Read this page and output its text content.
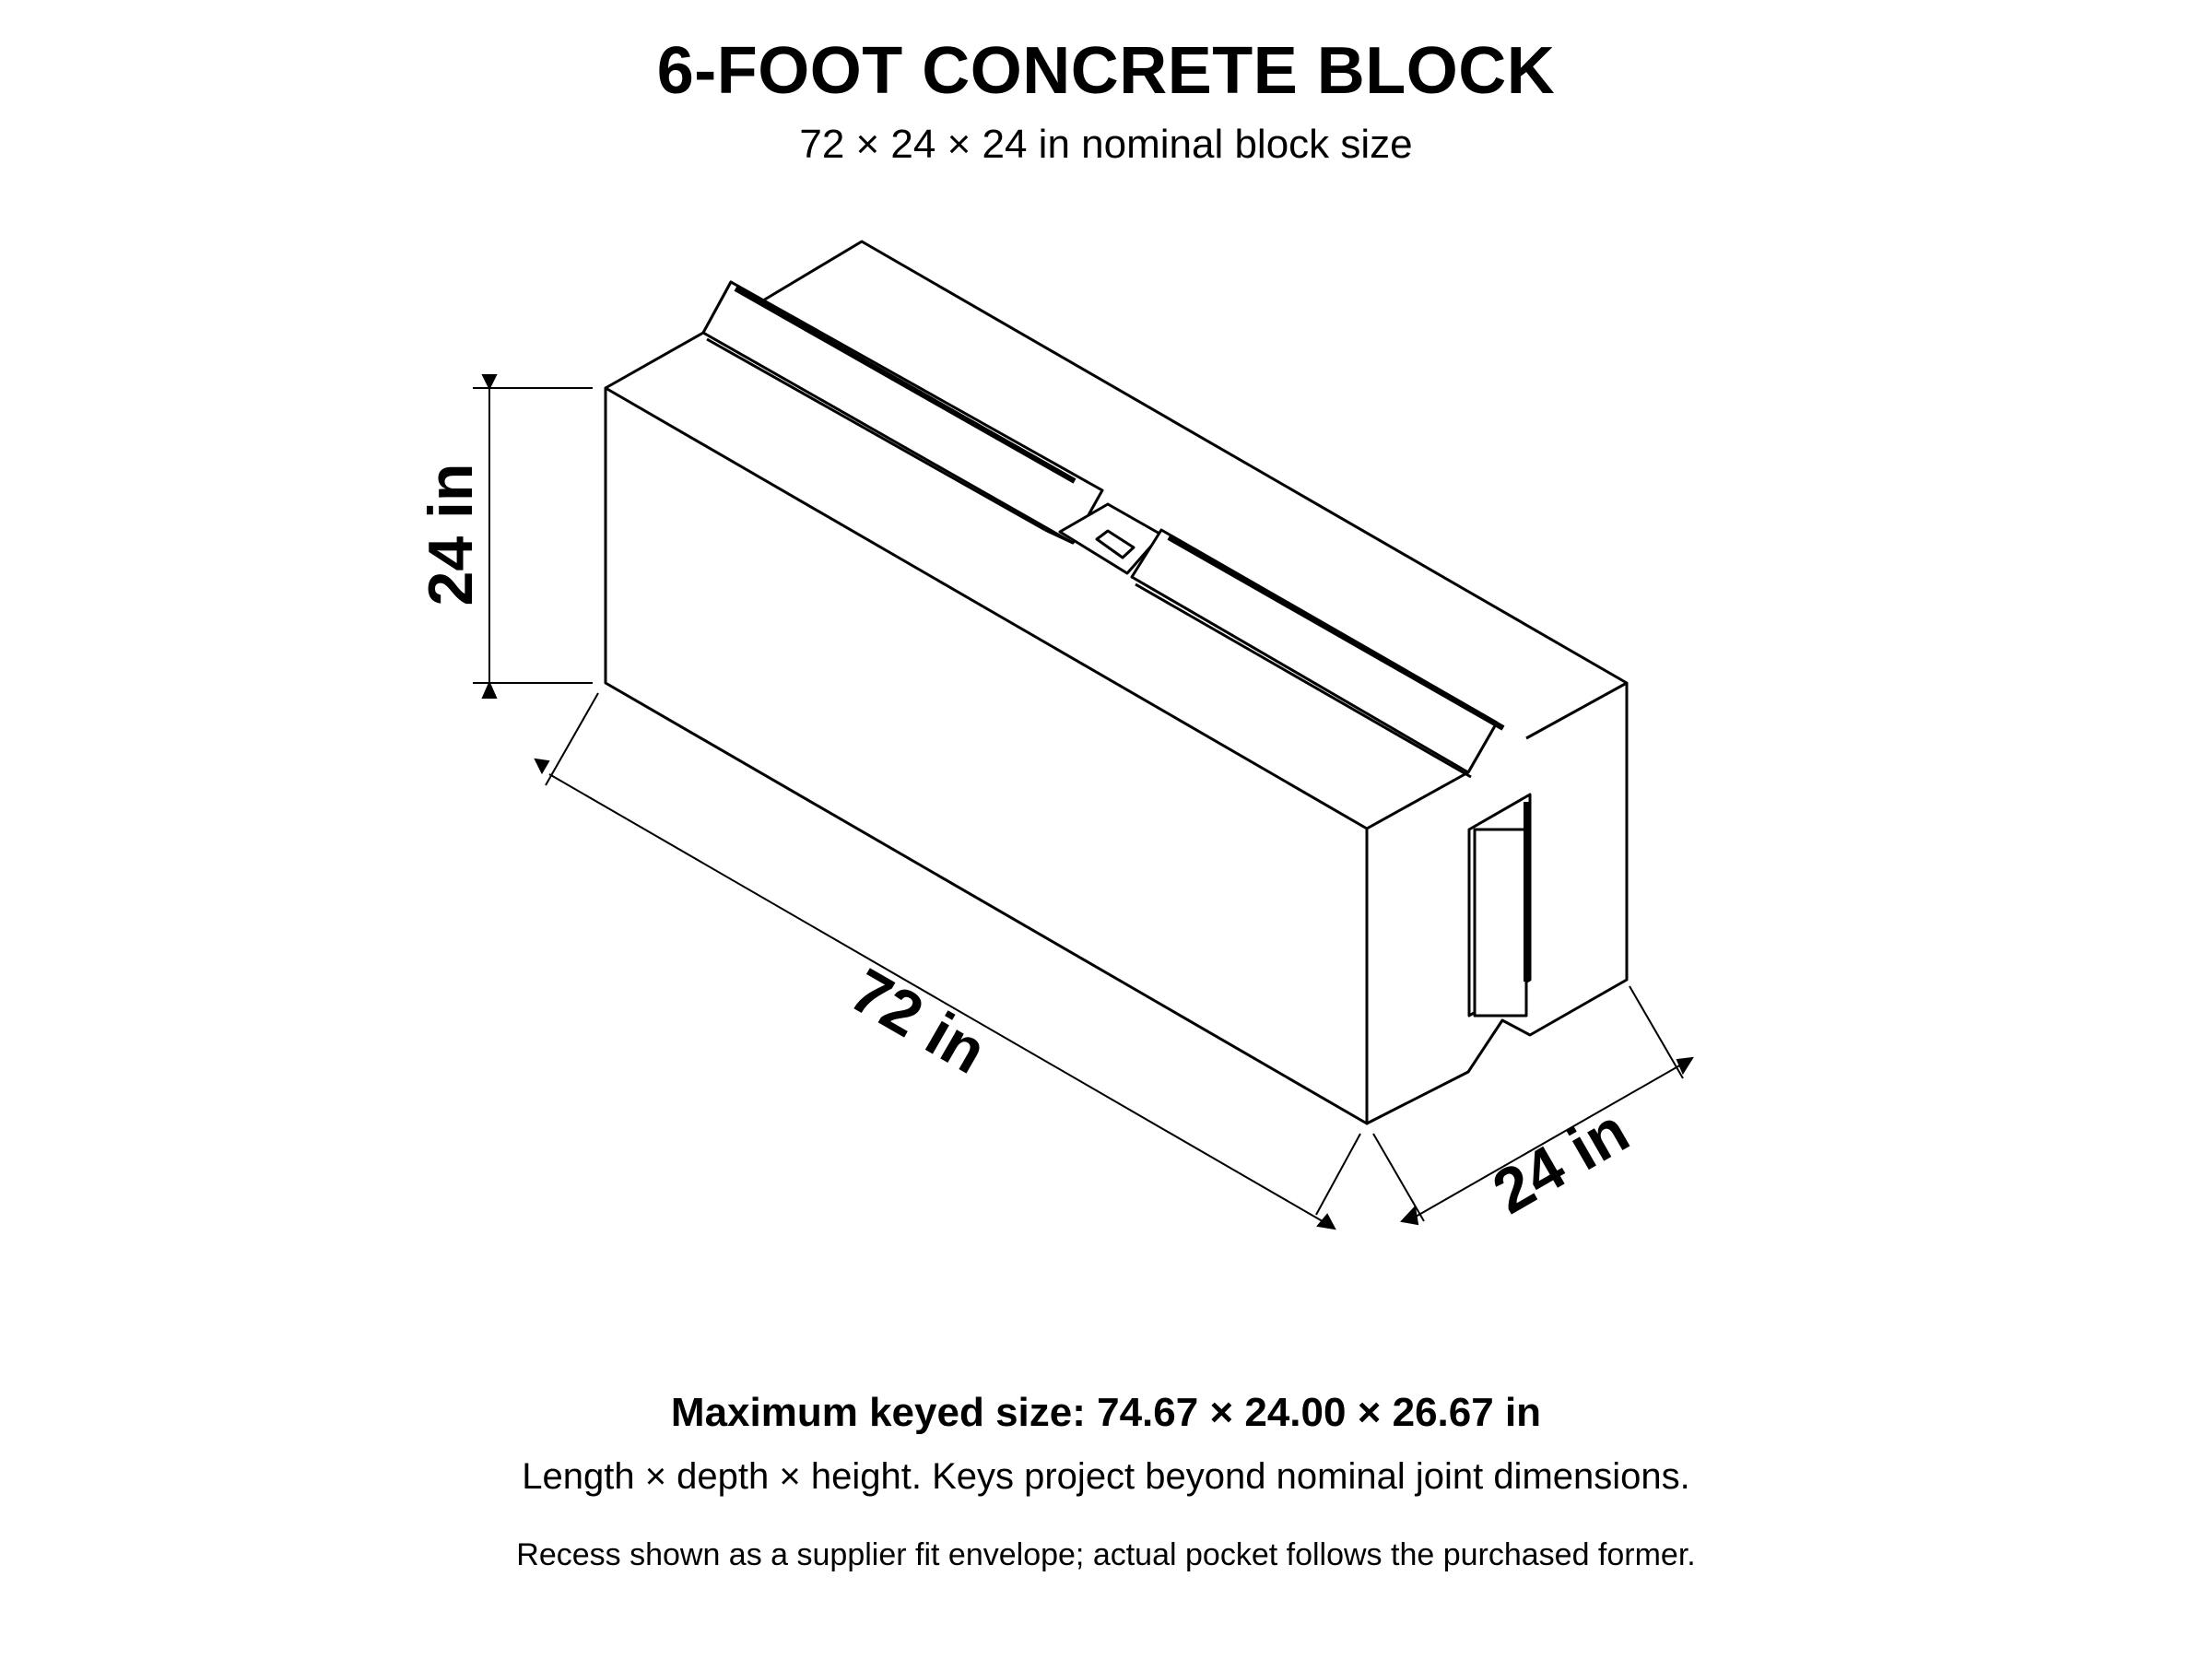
6-FOOT CONCRETE BLOCK
72 × 24 × 24 in nominal block size
24 in
72 in
24 in
Maximum keyed size: 74.67 × 24.00 × 26.67 in
Length × depth × height. Keys project beyond nominal joint dimensions.
Recess shown as a supplier fit envelope; actual pocket follows the purchased former.
